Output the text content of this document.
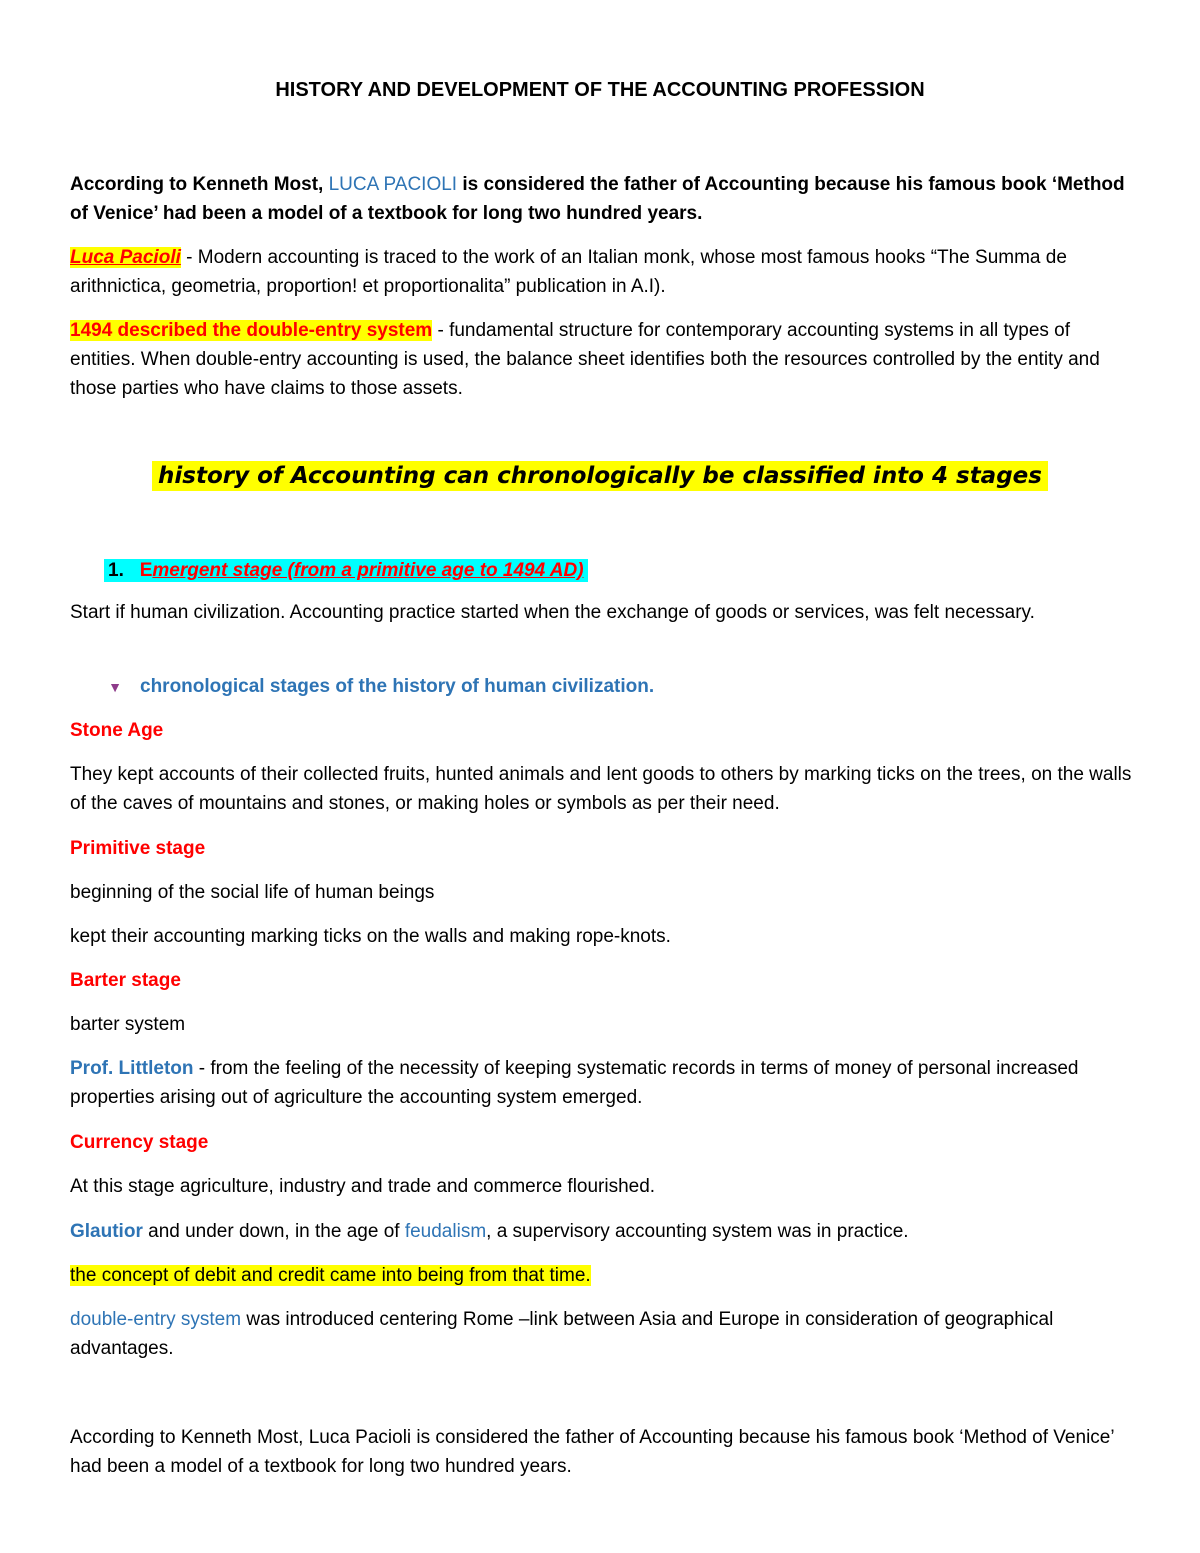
HISTORY AND DEVELOPMENT OF THE ACCOUNTING PROFESSION
According to Kenneth Most, LUCA PACIOLI is considered the father of Accounting because his famous book ‘Method of Venice’ had been a model of a textbook for long two hundred years.
Luca Pacioli - Modern accounting is traced to the work of an Italian monk, whose most famous hooks “The Summa de arithnictica, geometria, proportion! et proportionalita” publication in A.I).
1494 described the double-entry system - fundamental structure for contemporary accounting systems in all types of entities. When double-entry accounting is used, the balance sheet identifies both the resources controlled by the entity and those parties who have claims to those assets.
history of Accounting can chronologically be classified into 4 stages
1. Emergent stage (from a primitive age to 1494 AD)
Start if human civilization. Accounting practice started when the exchange of goods or services, was felt necessary.
▼ chronological stages of the history of human civilization.
Stone Age
They kept accounts of their collected fruits, hunted animals and lent goods to others by marking ticks on the trees, on the walls of the caves of mountains and stones, or making holes or symbols as per their need.
Primitive stage
beginning of the social life of human beings
kept their accounting marking ticks on the walls and making rope-knots.
Barter stage
barter system
Prof. Littleton - from the feeling of the necessity of keeping systematic records in terms of money of personal increased properties arising out of agriculture the accounting system emerged.
Currency stage
At this stage agriculture, industry and trade and commerce flourished.
Glautior and under down, in the age of feudalism, a supervisory accounting system was in practice.
the concept of debit and credit came into being from that time.
double-entry system was introduced centering Rome –link between Asia and Europe in consideration of geographical advantages.
According to Kenneth Most, Luca Pacioli is considered the father of Accounting because his famous book ‘Method of Venice’ had been a model of a textbook for long two hundred years.
